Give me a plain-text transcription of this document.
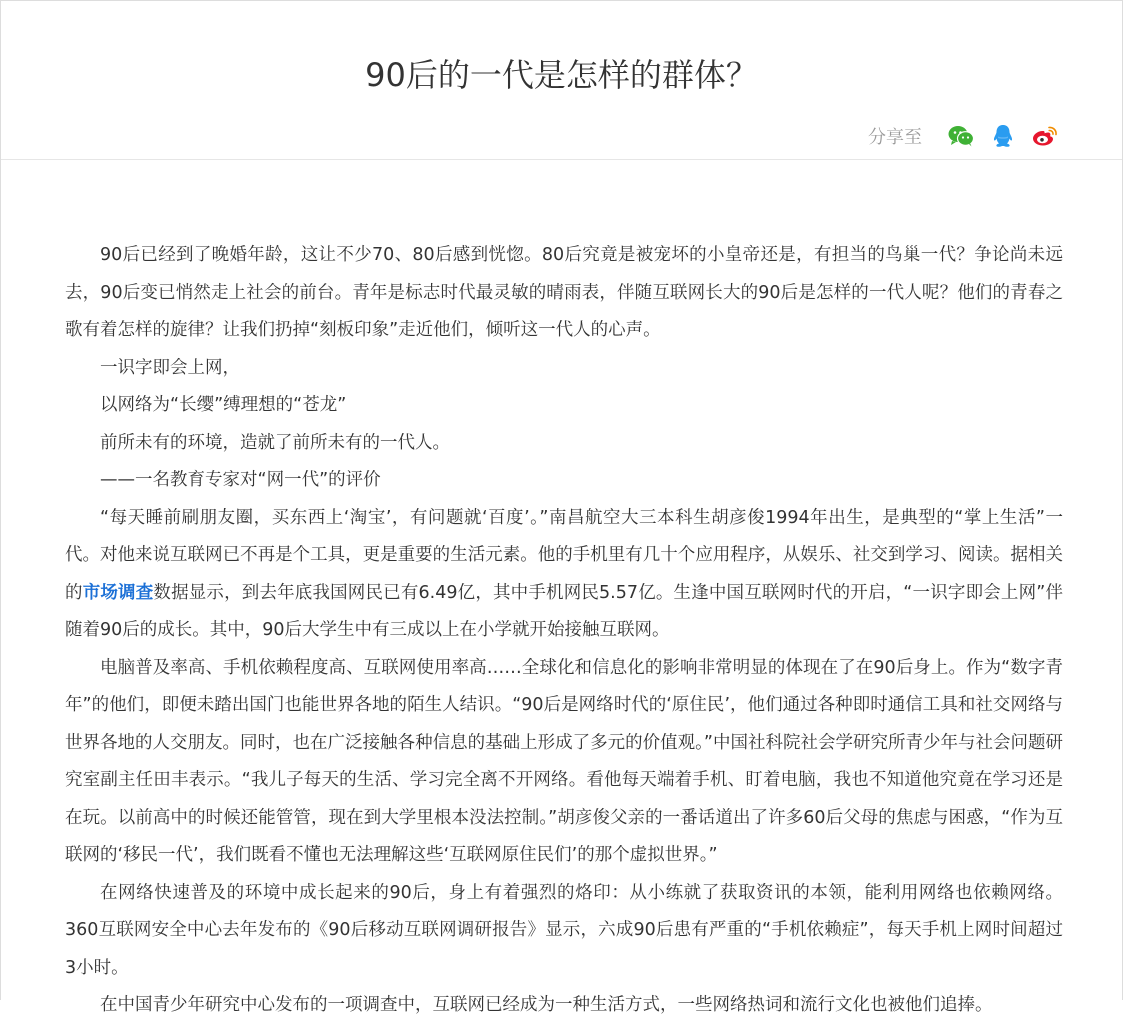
90后的一代是怎样的群体？
分享至

90后已经到了晚婚年龄，这让不少70、80后感到恍惚。80后究竟是被宠坏的小皇帝还是，有担当的鸟巢一代？争论尚未远去，90后变已悄然走上社会的前台。青年是标志时代最灵敏的晴雨表，伴随互联网长大的90后是怎样的一代人呢？他们的青春之歌有着怎样的旋律？让我们扔掉“刻板印象”走近他们，倾听这一代人的心声。

一识字即会上网，

以网络为“长缨”缚理想的“苍龙”

前所未有的环境，造就了前所未有的一代人。

——一名教育专家对“网一代”的评价

“每天睡前刷朋友圈，买东西上‘淘宝’，有问题就‘百度’。”南昌航空大三本科生胡彦俊1994年出生，是典型的“掌上生活”一代。对他来说互联网已不再是个工具，更是重要的生活元素。他的手机里有几十个应用程序，从娱乐、社交到学习、阅读。据相关的市场调查数据显示，到去年底我国网民已有6.49亿，其中手机网民5.57亿。生逢中国互联网时代的开启，“一识字即会上网”伴随着90后的成长。其中，90后大学生中有三成以上在小学就开始接触互联网。

电脑普及率高、手机依赖程度高、互联网使用率高……全球化和信息化的影响非常明显的体现在了在90后身上。作为“数字青年”的他们，即便未踏出国门也能世界各地的陌生人结识。“90后是网络时代的‘原住民’，他们通过各种即时通信工具和社交网络与世界各地的人交朋友。同时，也在广泛接触各种信息的基础上形成了多元的价值观。”中国社科院社会学研究所青少年与社会问题研究室副主任田丰表示。“我儿子每天的生活、学习完全离不开网络。看他每天端着手机、盯着电脑，我也不知道他究竟在学习还是在玩。以前高中的时候还能管管，现在到大学里根本没法控制。”胡彦俊父亲的一番话道出了许多60后父母的焦虑与困惑，“作为互联网的‘移民一代’，我们既看不懂也无法理解这些‘互联网原住民们’的那个虚拟世界。”

在网络快速普及的环境中成长起来的90后，身上有着强烈的烙印：从小练就了获取资讯的本领，能利用网络也依赖网络。360互联网安全中心去年发布的《90后移动互联网调研报告》显示，六成90后患有严重的“手机依赖症”，每天手机上网时间超过3小时。

在中国青少年研究中心发布的一项调查中，互联网已经成为一种生活方式，一些网络热词和流行文化也被他们追捧。
